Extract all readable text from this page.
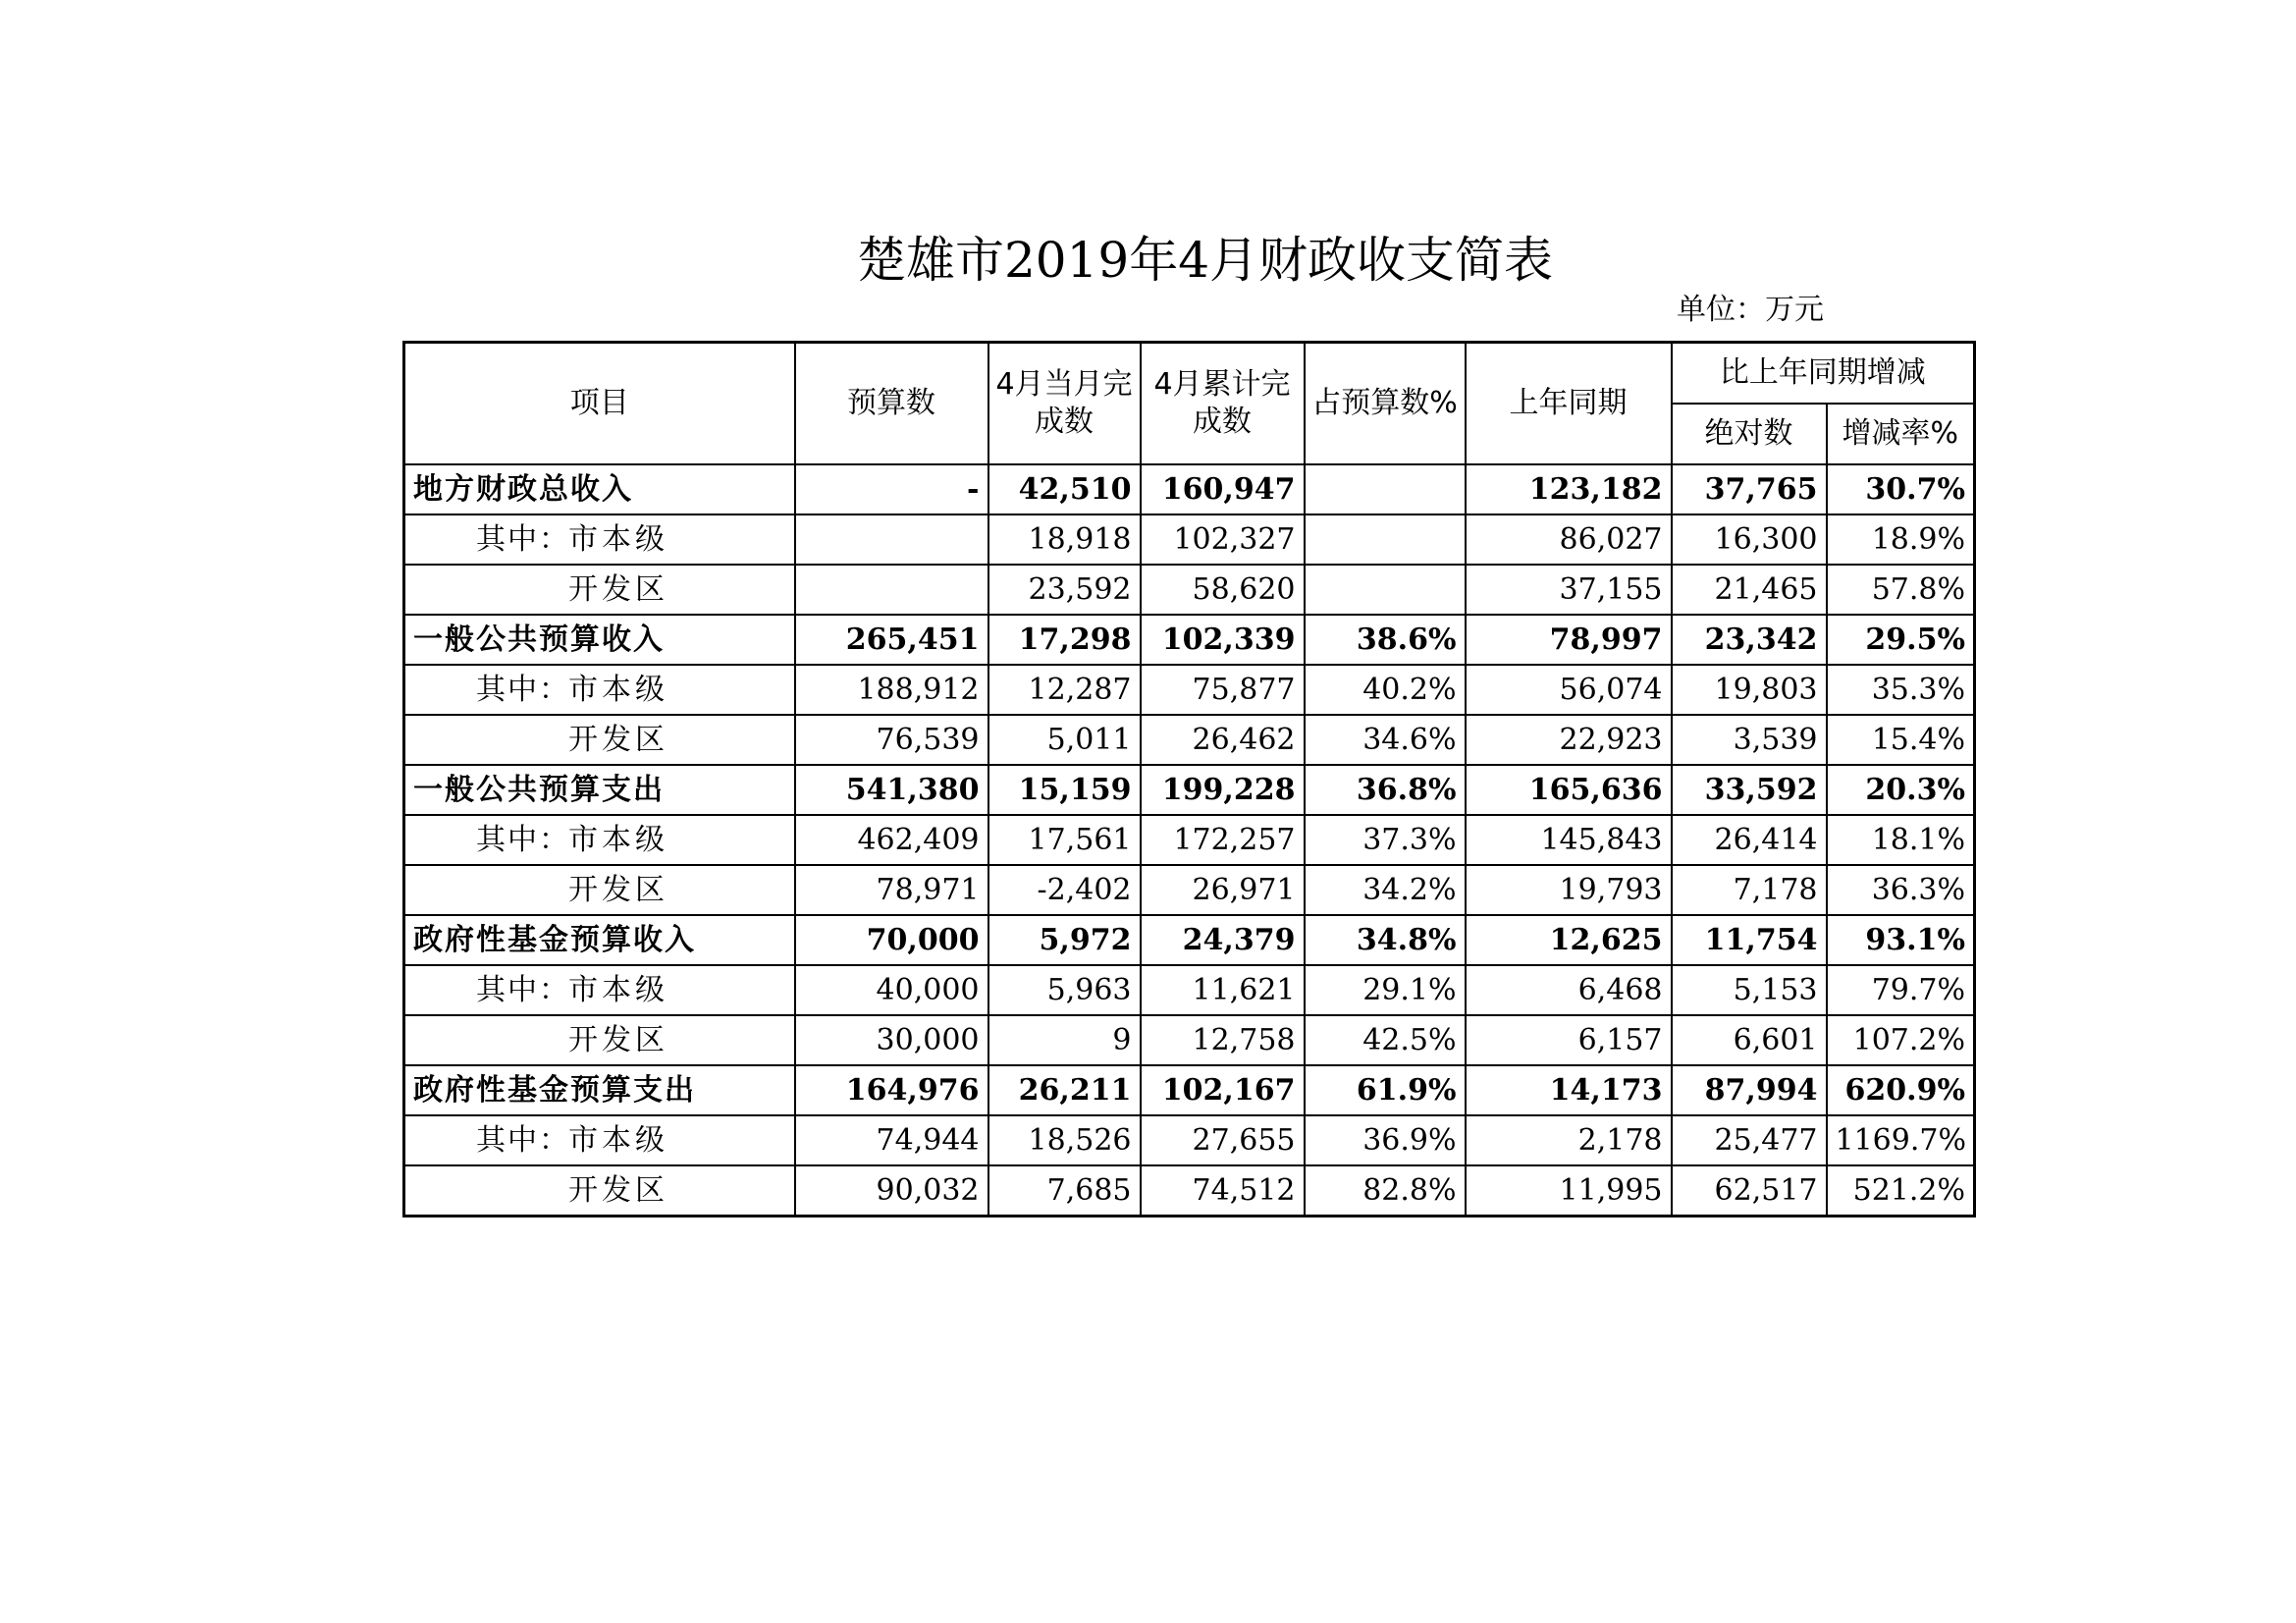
楚雄市2019年4月财政收支简表
单位：万元
项目	预算数	4月当月完成数	4月累计完成数	占预算数%	上年同期	比上年同期增减	
						绝对数	增减率%
地方财政总收入	-	42,510	160,947		123,182	37,765	30.7%
其中：市本级		18,918	102,327		86,027	16,300	18.9%
开发区		23,592	58,620		37,155	21,465	57.8%
一般公共预算收入	265,451	17,298	102,339	38.6%	78,997	23,342	29.5%
其中：市本级	188,912	12,287	75,877	40.2%	56,074	19,803	35.3%
开发区	76,539	5,011	26,462	34.6%	22,923	3,539	15.4%
一般公共预算支出	541,380	15,159	199,228	36.8%	165,636	33,592	20.3%
其中：市本级	462,409	17,561	172,257	37.3%	145,843	26,414	18.1%
开发区	78,971	-2,402	26,971	34.2%	19,793	7,178	36.3%
政府性基金预算收入	70,000	5,972	24,379	34.8%	12,625	11,754	93.1%
其中：市本级	40,000	5,963	11,621	29.1%	6,468	5,153	79.7%
开发区	30,000	9	12,758	42.5%	6,157	6,601	107.2%
政府性基金预算支出	164,976	26,211	102,167	61.9%	14,173	87,994	620.9%
其中：市本级	74,944	18,526	27,655	36.9%	2,178	25,477	1169.7%
开发区	90,032	7,685	74,512	82.8%	11,995	62,517	521.2%
